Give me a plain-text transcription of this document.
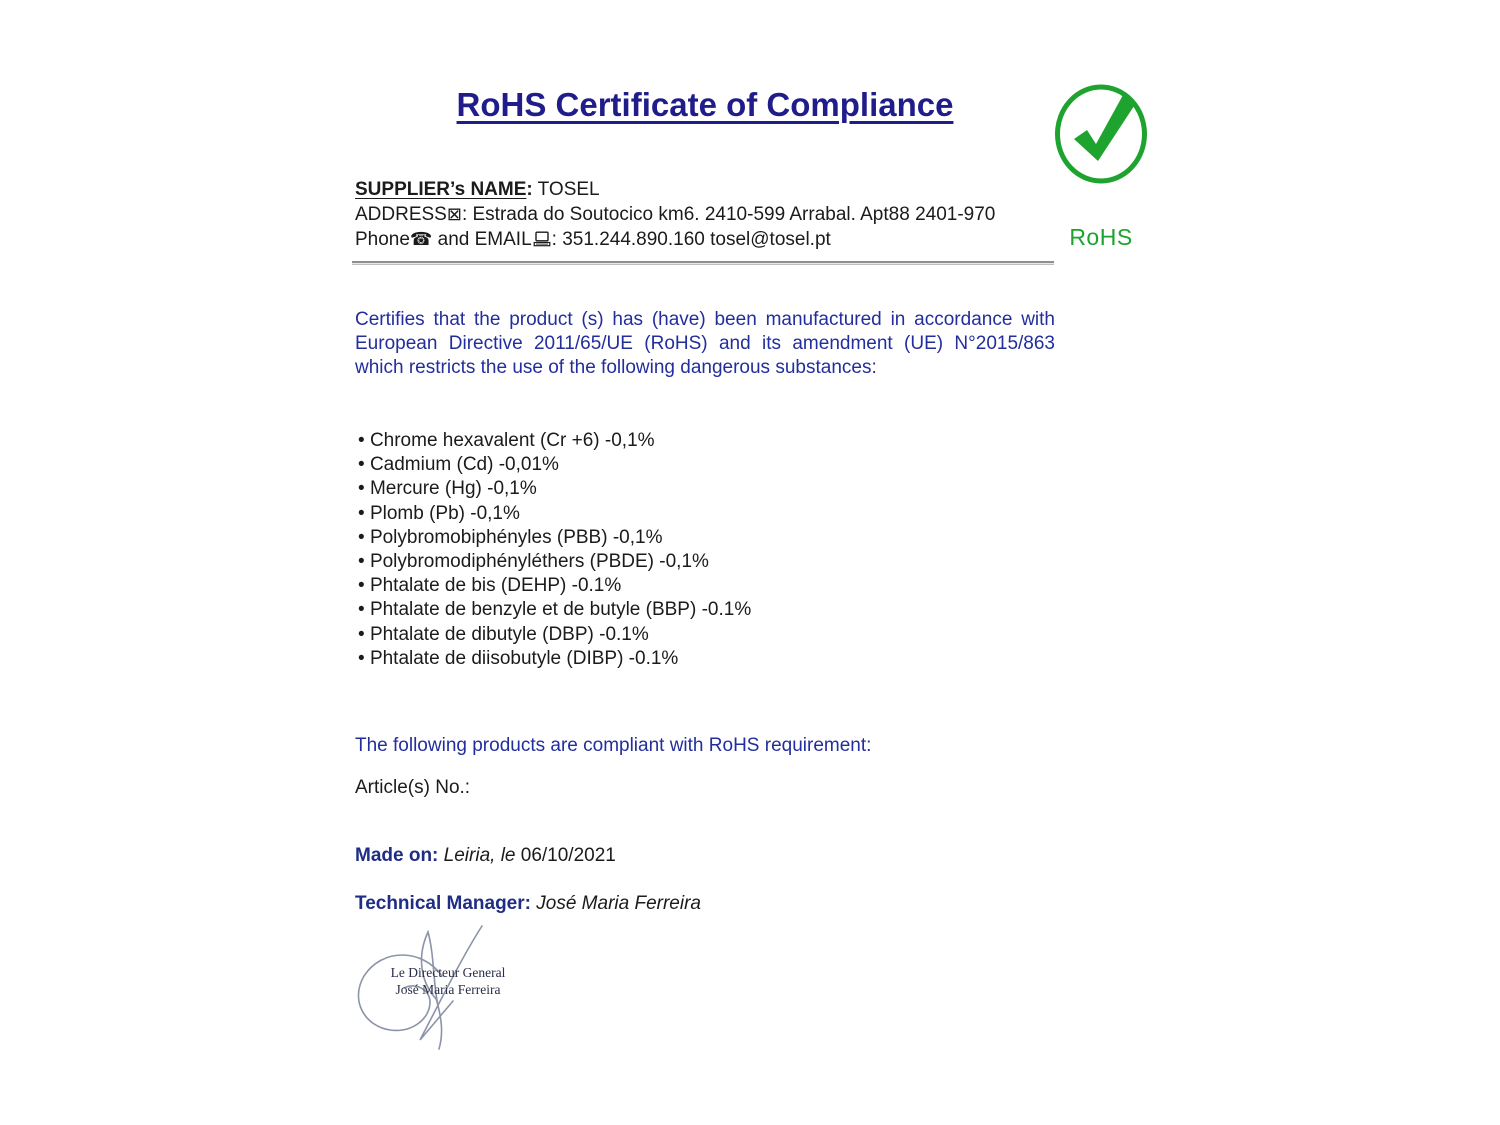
RoHS Certificate of Compliance
RoHS
SUPPLIER’s NAME: TOSEL
ADDRESS⊠: Estrada do Soutocico km6. 2410-599 Arrabal. Apt88 2401-970
Phone☎ and EMAIL : 351.244.890.160 tosel@tosel.pt
Certifies that the product (s) has (have) been manufactured in accordance with European Directive 2011/65/UE (RoHS) and its amendment (UE) N°2015/863 which restricts the use of the following dangerous substances:
• Chrome hexavalent (Cr +6) -0,1%
• Cadmium (Cd) -0,01%
• Mercure (Hg) -0,1%
• Plomb (Pb) -0,1%
• Polybromobiphényles (PBB) -0,1%
• Polybromodiphényléthers (PBDE) -0,1%
• Phtalate de bis (DEHP) -0.1%
• Phtalate de benzyle et de butyle (BBP) -0.1%
• Phtalate de dibutyle (DBP) -0.1%
• Phtalate de diisobutyle (DIBP) -0.1%
The following products are compliant with RoHS requirement:
Article(s) No.:
Made on: Leiria, le 06/10/2021
Technical Manager: José Maria Ferreira
Le Directeur General
José Maria Ferreira
